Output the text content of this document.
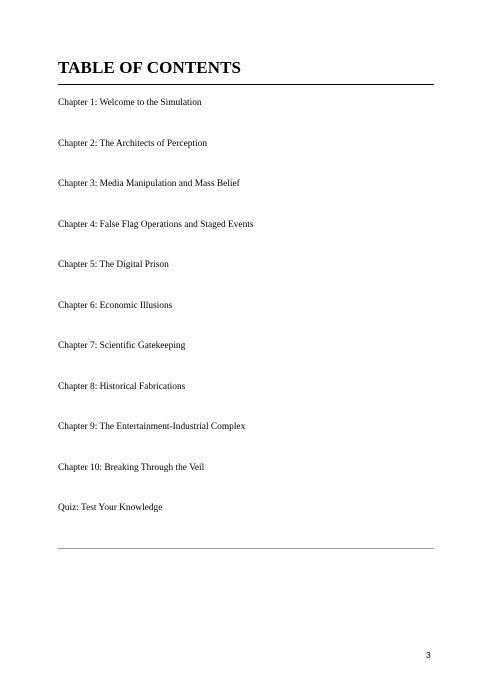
TABLE OF CONTENTS
Chapter 1: Welcome to the Simulation
Chapter 2: The Architects of Perception
Chapter 3: Media Manipulation and Mass Belief
Chapter 4: False Flag Operations and Staged Events
Chapter 5: The Digital Prison
Chapter 6: Economic Illusions
Chapter 7: Scientific Gatekeeping
Chapter 8: Historical Fabrications
Chapter 9: The Entertainment-Industrial Complex
Chapter 10: Breaking Through the Veil
Quiz: Test Your Knowledge
3
